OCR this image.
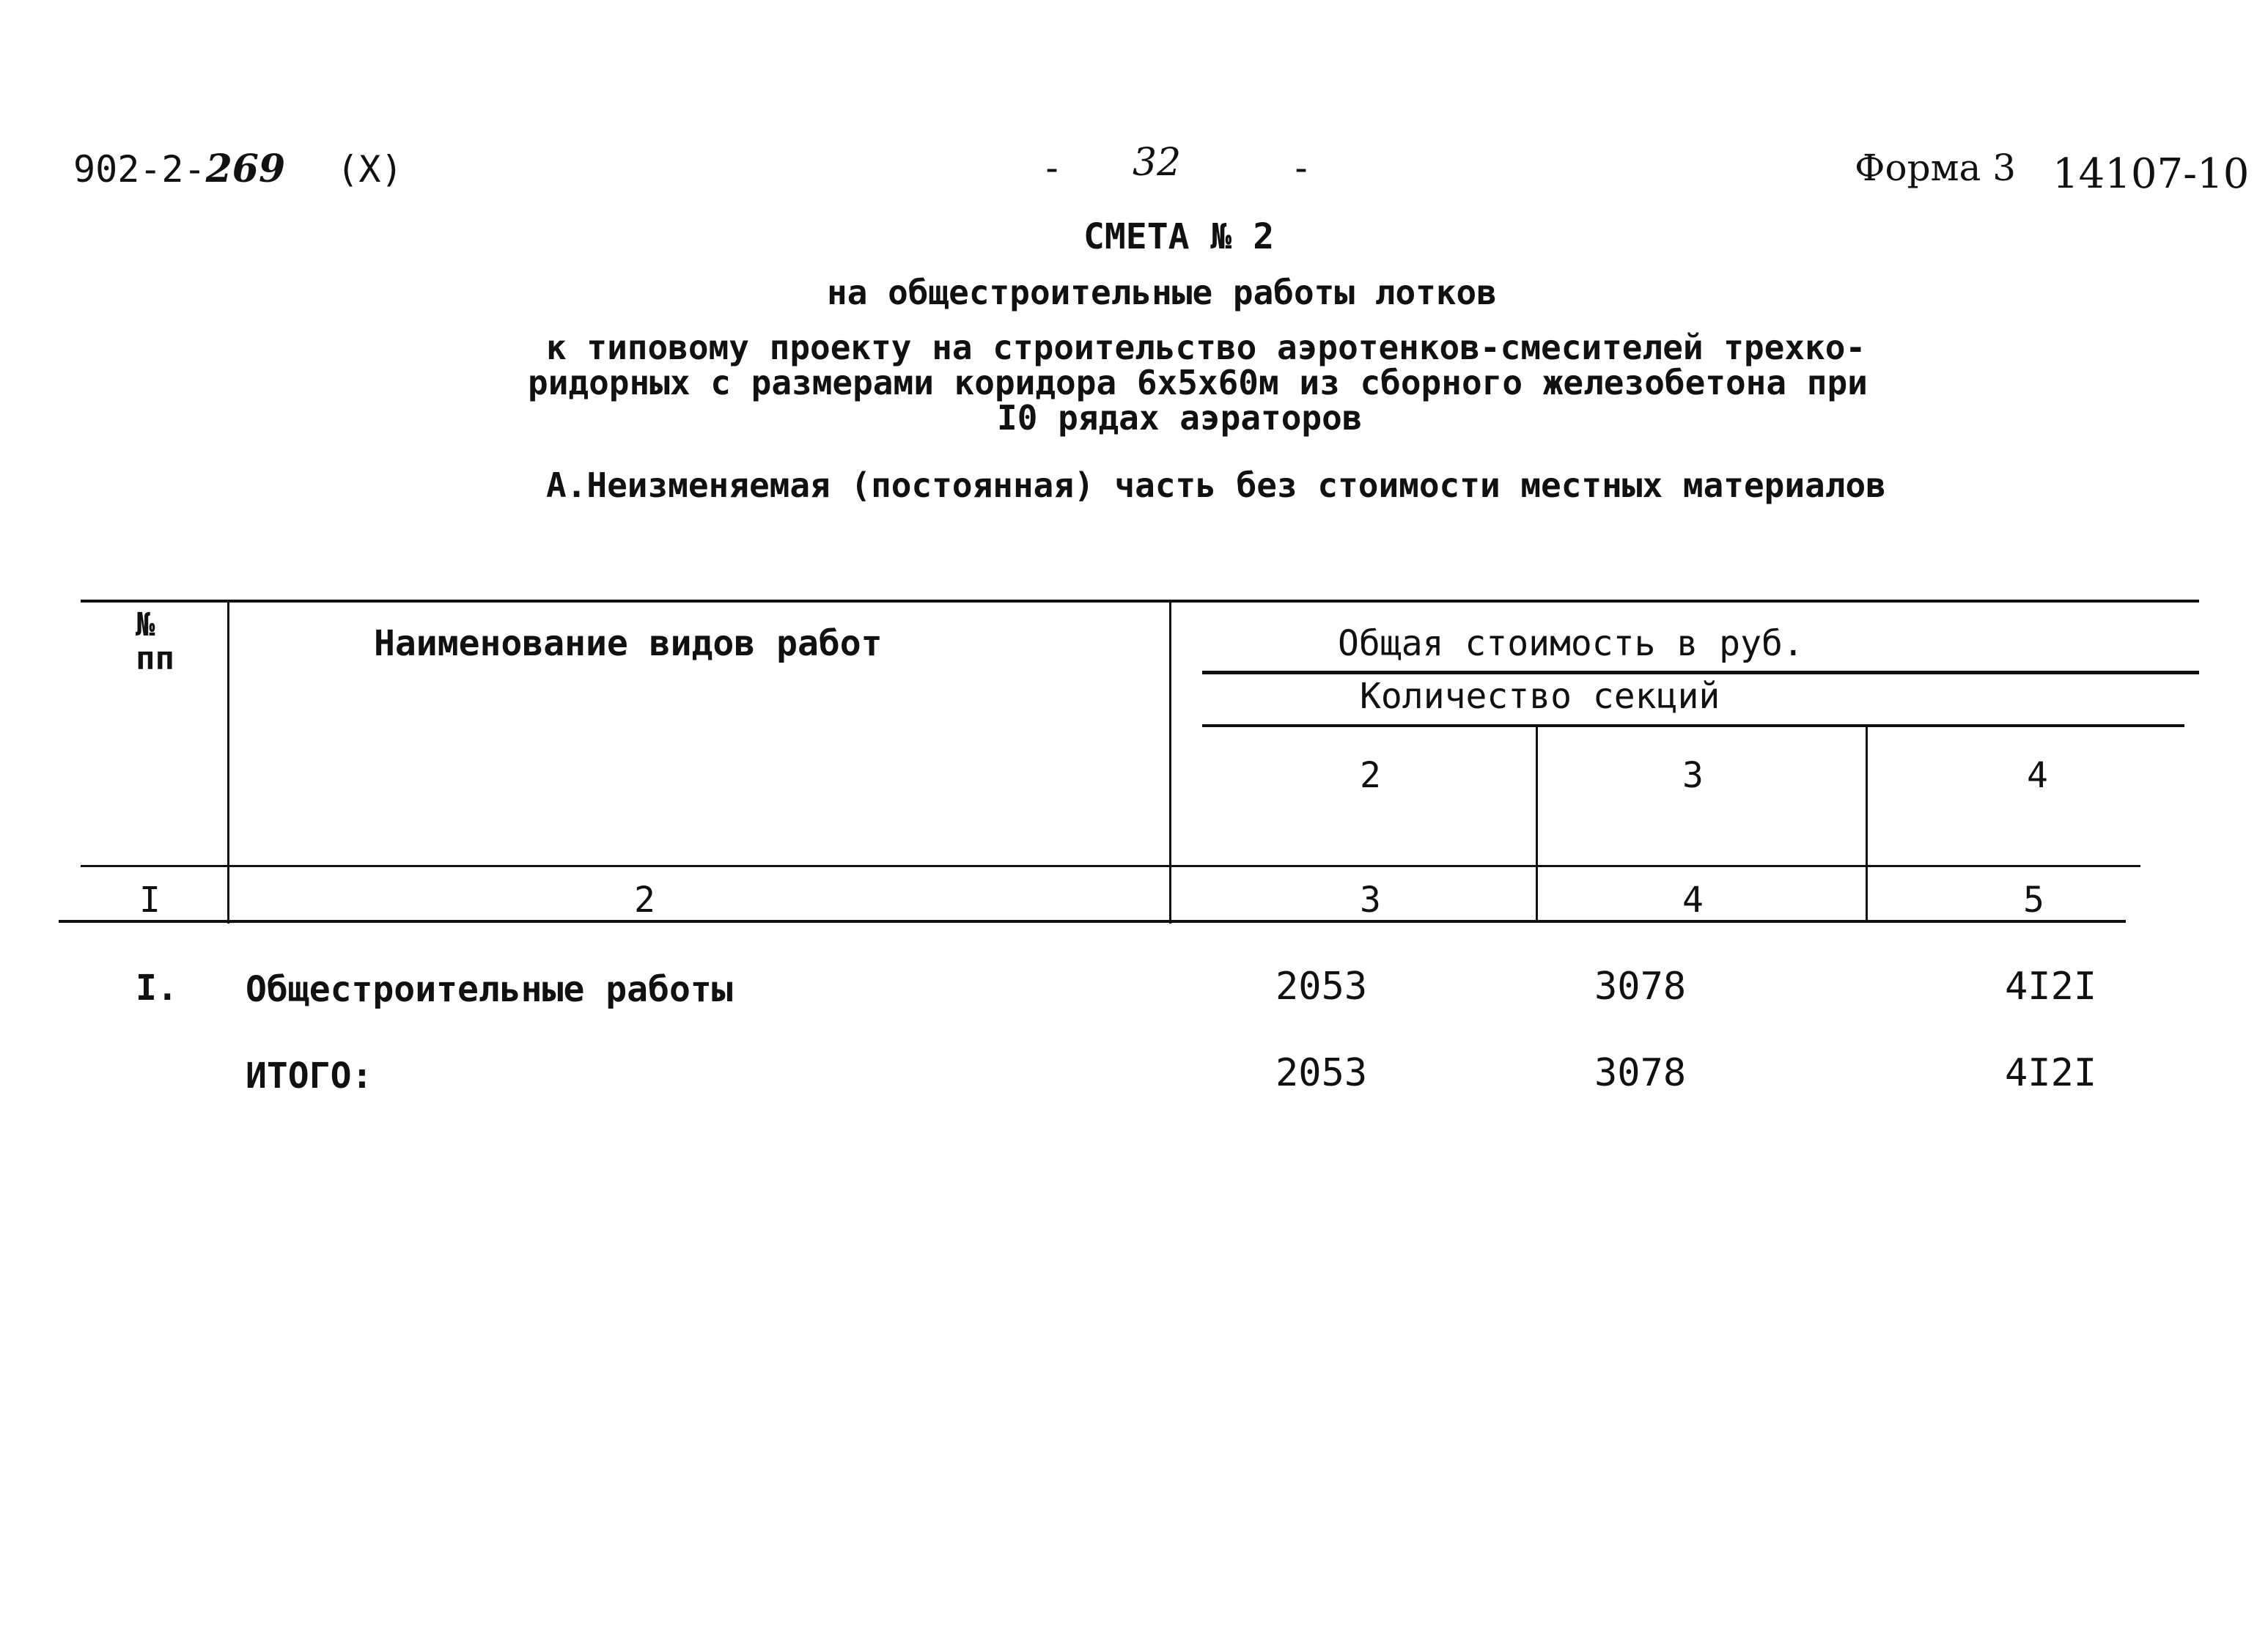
902-2-269 (X)	- 32	-	Форма 3 14107-10
СМЕТА № 2
на общестроительные работы лотков
к типовому проекту на строительство аэротенков-смесителей трехко-
ридорных с размерами коридора 6х5х60м из сборного железобетона при
I0 рядах аэраторов
А.Неизменяемая (постоянная) часть без стоимости местных материалов
№ пп	Наименование видов работ	Общая стоимость в руб.
Количество секций
2	3	4
I	2	3	4	5
I. Общестроительные работы	2053	3078	4I2I
ИТОГО:	2053	3078	4I2I
